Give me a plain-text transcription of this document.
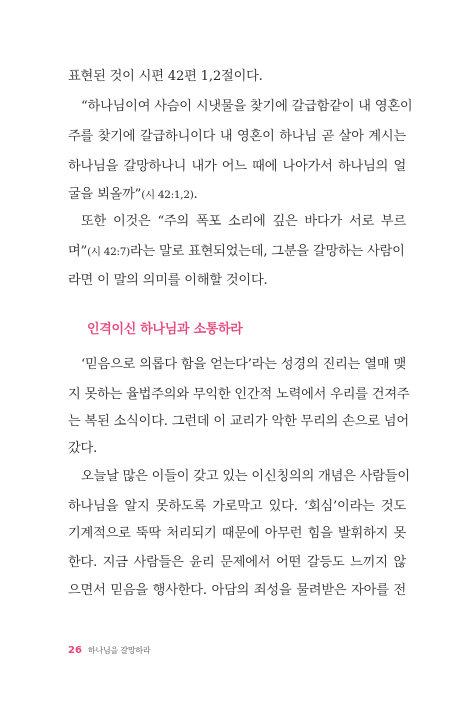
표현된 것이 시편 42편 1,2절이다.
“하나님이여 사슴이 시냇물을 찾기에 갈급함같이 내 영혼이
주를 찾기에 갈급하니이다 내 영혼이 하나님 곧 살아 계시는
하나님을 갈망하나니 내가 어느 때에 나아가서 하나님의 얼
굴을 뵈올까”(시 42:1,2).
또한 이것은 “주의 폭포 소리에 깊은 바다가 서로 부르
며”(시 42:7)라는 말로 표현되었는데, 그분을 갈망하는 사람이
라면 이 말의 의미를 이해할 것이다.
‘믿음으로 의롭다 함을 얻는다’라는 성경의 진리는 열매 맺
지 못하는 율법주의와 무익한 인간적 노력에서 우리를 건져주
는 복된 소식이다. 그런데 이 교리가 악한 무리의 손으로 넘어
갔다.
오늘날 많은 이들이 갖고 있는 이신칭의의 개념은 사람들이
하나님을 알지 못하도록 가로막고 있다. ‘회심’이라는 것도
기계적으로 뚝딱 처리되기 때문에 아무런 힘을 발휘하지 못
한다. 지금 사람들은 윤리 문제에서 어떤 갈등도 느끼지 않
으면서 믿음을 행사한다. 아담의 죄성을 물려받은 자아를 전
인격이신 하나님과 소통하라
26 하나님을 갈망하라
